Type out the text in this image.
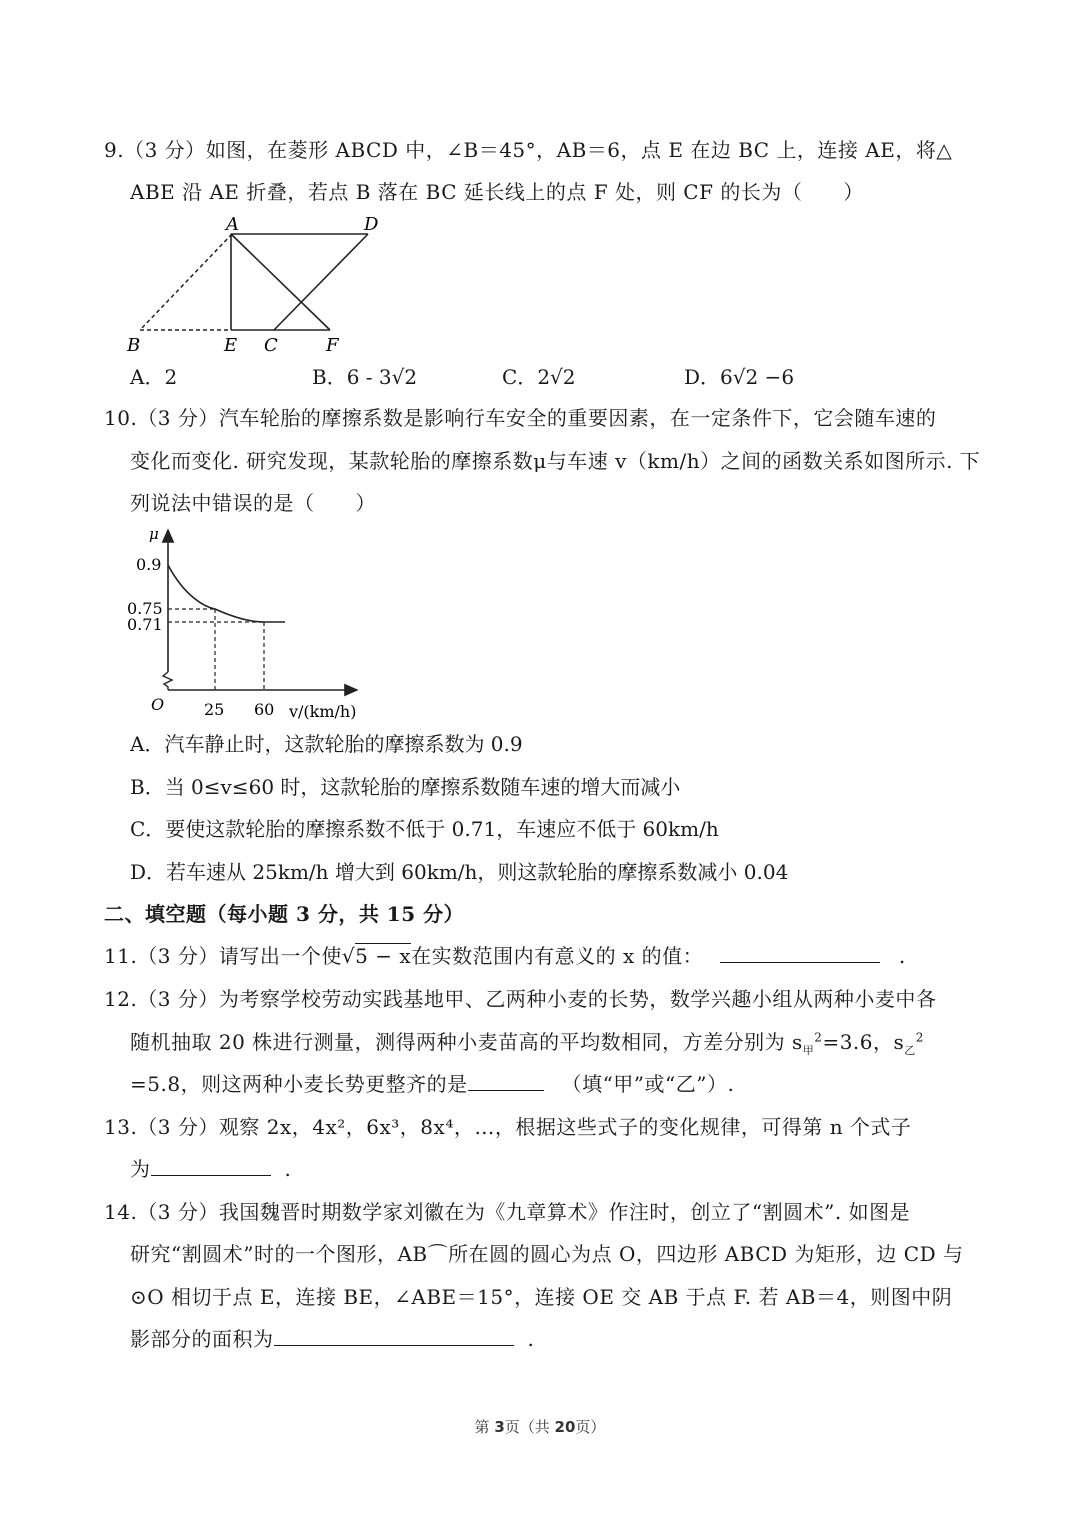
9.（3 分）如图，在菱形 ABCD 中，∠B＝45°，AB＝6，点 E 在边 BC 上，连接 AE，将△
ABE 沿 AE 折叠，若点 B 落在 BC 延长线上的点 F 处，则 CF 的长为（　　）
A	D
B	E C	F
A．2	B．6 - 3√2	C．2√2	D．6√2 −6
10.（3 分）汽车轮胎的摩擦系数是影响行车安全的重要因素，在一定条件下，它会随车速的
变化而变化. 研究发现，某款轮胎的摩擦系数μ与车速 v（km/h）之间的函数关系如图所示. 下
列说法中错误的是（　　）
μ
0.9
0.75
0.71
O 25 60 v/(km/h)
A．汽车静止时，这款轮胎的摩擦系数为 0.9
B．当 0≤v≤60 时，这款轮胎的摩擦系数随车速的增大而减小
C．要使这款轮胎的摩擦系数不低于 0.71，车速应不低于 60km/h
D．若车速从 25km/h 增大到 60km/h，则这款轮胎的摩擦系数减小 0.04
二、填空题（每小题 3 分，共 15 分）
11.（3 分）请写出一个使√5 − x在实数范围内有意义的 x 的值：	.
12.（3 分）为考察学校劳动实践基地甲、乙两种小麦的长势，数学兴趣小组从两种小麦中各
随机抽取 20 株进行测量，测得两种小麦苗高的平均数相同，方差分别为 $s_甲^2=3.6$，$s_乙^2$
=5.8，则这两种小麦长势更整齐的是	（填“甲”或“乙”）.
13.（3 分）观察 2x，4x²，6x³，8x⁴，…，根据这些式子的变化规律，可得第 n 个式子
为	.
14.（3 分）我国魏晋时期数学家刘徽在为《九章算术》作注时，创立了“割圆术”. 如图是
研究“割圆术”时的一个图形，AB⌒所在圆的圆心为点 O，四边形 ABCD 为矩形，边 CD 与
⊙O 相切于点 E，连接 BE，∠ABE＝15°，连接 OE 交 AB 于点 F. 若 AB＝4，则图中阴
影部分的面积为	.
第 3页（共 20页）
